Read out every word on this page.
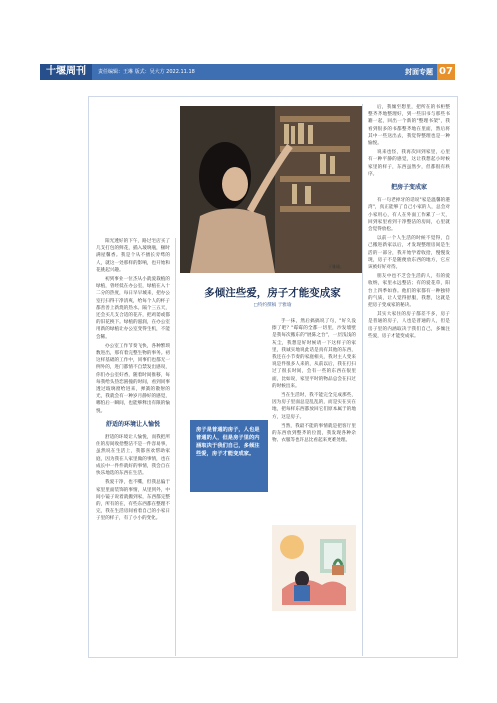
十堰周刊	责任编辑：王琳 版式：吴大方 2022.11.18	封面专题 07
于雅瑜。
多倾注些爱，房子才能变成家
□特约撰稿 于雅瑜

阳光透好的下午，路过宅店买了几支打包的鲜花，插入玻璃瓶，顿时满屋馨香。我是个从不擅长旁骛的人，就这一处那样的影响，也开始和花挑起兴趣。

初到事业一位杰从小就爱栽植的绿植，曾经低在办公室，绿植在入十二分的热度，每日早早城来，把办公室打扫得干净清爽，给每个人的杯子都善善上新烧的热水。隔个三五天，还会买几支合适的花卉，把鸡萎或都的旧花换下。绿植的滋润，在办公室用新的绿植让办公室变得生机，不能会稀。

办公室工作节奏飞快，各种繁琐数进出，那有着完整生物的事务。初这样基础的工作中，同事们也都无一例外的，进门都情不自禁发出感叹，你们办公室好香，随着时间推移，每每我给头热恋圆撞的时间，看到同事透过玻璃窗给进来，弹簧的散射的光，我就会有一种岁月静好的感觉，哪怕后一瞬间，也能够释出有限的愉悦。

舒适的环境让人愉悦

舒适的环境让人愉悦，而我把所住的房间收拾整洁不是一件容易事，虽然说在生活上，我都喜欢帮助家庭，因为我在人家里做的事情，也在成长中一件件就好的事情，我会自在快乐地选的东西在生活。

我爱干净，也不嘶，但我总偏于家里里面装饰的事情，从里到外，中间小镜子说着就搬到家，东西都完整的，所有的在，有些东西都在整理不完，我在生活房间看着自己的小家日子里的样子，有了小小的变化。

手一抹，然后搞搞说了句，"好久没擦了吧？"霉霉的全都一切里，沙发墙壁是我每次搬东的"展陈之台"，一层浅浅的灰尘，我想是好时候请一下这样子的家里，我诚实地说此话是真有其他的东西，我还在小节奏的家庭相关，我对主人变来说是件很多人来的，从前以后，我在打扫过了很长时间，会有一些的东西在很里面，比如说，家里平时的物品总会在扫过的时候出来。

当在生活时，我不能完全完成那些，因为房子里面总是乱乱的，而是实在实在地，把每样东西都放回它们原本属于的地方，这是房子。

当然，我最不能的事情就是把客厅里的东西放到整齐的位置，我发现各种杂物、衣服等也许总比看起来更难处理。

房子是普通的房子，人也是普通的人，但是房子里的内涵取决于我们自己，多倾注些爱，房子才能变成家。

后，我倾至想里，把所在的书柜整整齐齐地整理好，到一些旧书与那些书籍一起，回出一个新的"整理书架"，我看到很多的书都整齐地在里面，然后将其中一些送出去，我觉得整理也是一种愉悦。

说来也怪，我再次回到家里，心里有一种平静的感觉，这让我想起小时候家里的样子，东西虽然少，但都很有秩序。

把房子变成家

有一句老掉牙的话说"家是温馨的港湾"，真正能够了自己小家的人，总会对小家用心，有人在外面工作累了一天，回到家里看到干净整洁的房间，心里就会觉得放松。

以前一个人生活的时候不觉得，自己搬进新家以后，才发现整理房间是生活的一部分，我开始学着收拾，慢慢发现，房子不是随便放东西的地方，它应该被好好对待。

朋友中也不乏会生活的人，有的爱收纳，家里永远整洁；有的爱花草，阳台上四季如春。他们的家都有一种独特的气质，让人觉得舒服，我想，这就是把房子变成家的秘诀。

其实大家住的房子都差不多，房子是普通的房子，人也是普通的人，但是房子里的内涵取决于我们自己，多倾注些爱，房子才能变成家。
